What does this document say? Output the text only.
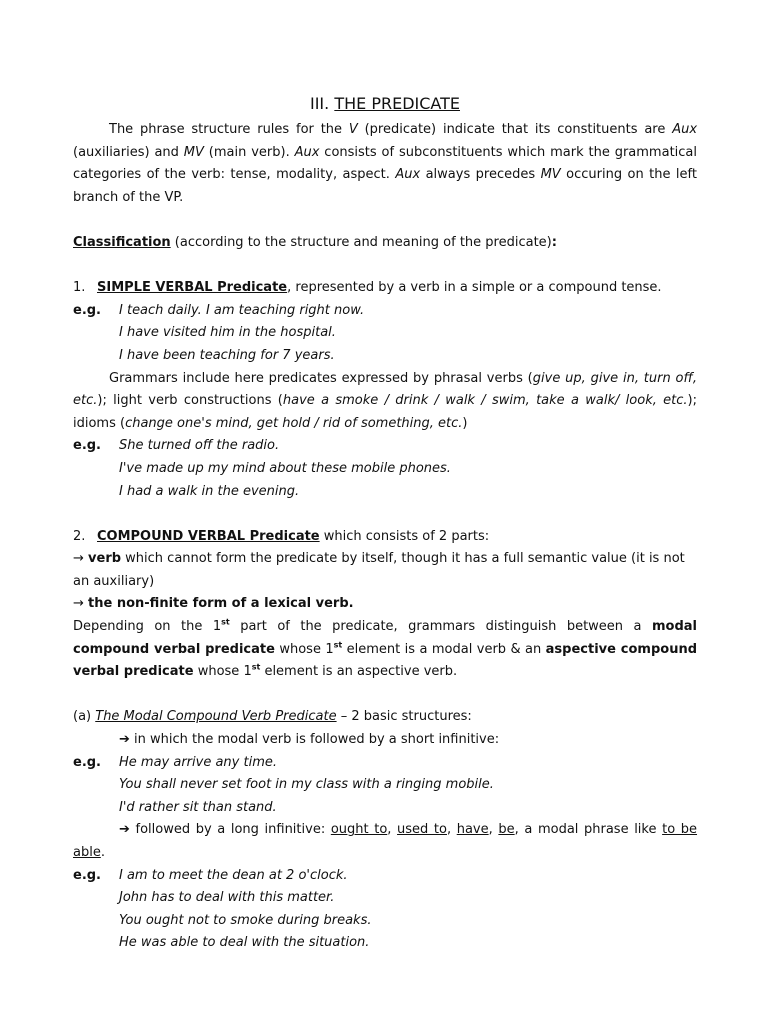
III. THE PREDICATE

The phrase structure rules for the V (predicate) indicate that its constituents are Aux (auxiliaries) and MV (main verb). Aux consists of subconstituents which mark the grammatical categories of the verb: tense, modality, aspect. Aux always precedes MV occuring on the left branch of the VP.

Classification (according to the structure and meaning of the predicate):

1. SIMPLE VERBAL Predicate, represented by a verb in a simple or a compound tense.

e.g.	I teach daily. I am teaching right now.
I have visited him in the hospital.
I have been teaching for 7 years.

Grammars include here predicates expressed by phrasal verbs (give up, give in, turn off, etc.); light verb constructions (have a smoke / drink / walk / swim, take a walk/ look, etc.); idioms (change one's mind, get hold / rid of something, etc.)

e.g.	She turned off the radio.
I've made up my mind about these mobile phones.
I had a walk in the evening.

2. COMPOUND VERBAL Predicate which consists of 2 parts:

→ verb which cannot form the predicate by itself, though it has a full semantic value (it is not an auxiliary)

→ the non-finite form of a lexical verb.

Depending on the 1st part of the predicate, grammars distinguish between a modal compound verbal predicate whose 1st element is a modal verb & an aspective compound verbal predicate whose 1st element is an aspective verb.

(a) The Modal Compound Verb Predicate – 2 basic structures:

➔ in which the modal verb is followed by a short infinitive:

e.g.	He may arrive any time.
You shall never set foot in my class with a ringing mobile.
I'd rather sit than stand.

➔ followed by a long infinitive: ought to, used to, have, be, a modal phrase like to be able.

e.g.	I am to meet the dean at 2 o'clock.
John has to deal with this matter.
You ought not to smoke during breaks.
He was able to deal with the situation.
